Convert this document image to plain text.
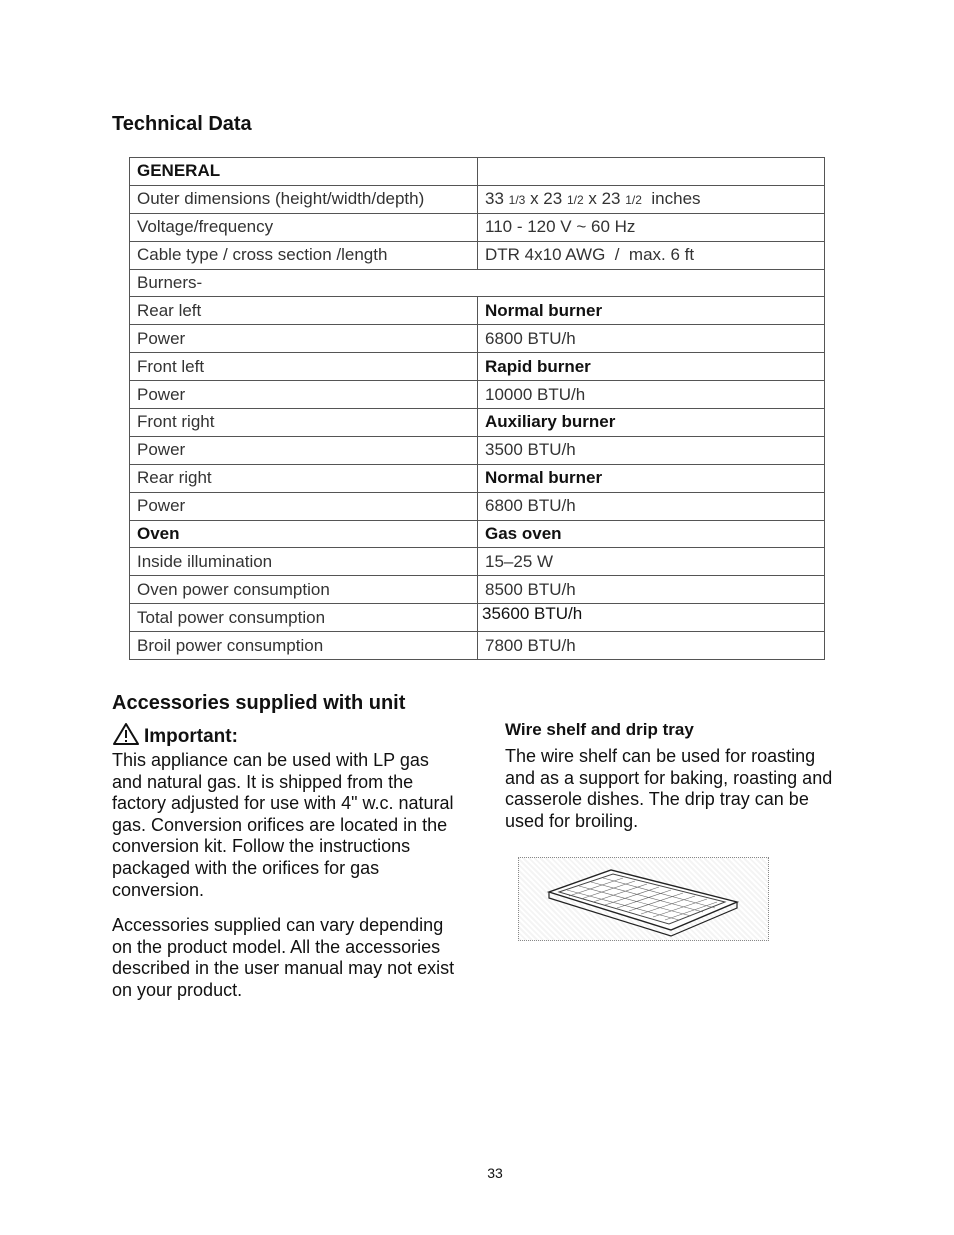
Technical Data
GENERAL	
Outer dimensions (height/width/depth)	33 1/3 x 23 1/2 x 23 1/2 inches
Voltage/frequency	110 - 120 V ~ 60 Hz
Cable type / cross section /length	DTR 4x10 AWG  /  max. 6 ft
Burners-	
Rear left	Normal burner
Power	6800 BTU/h
Front left	Rapid burner
Power	10000 BTU/h
Front right	Auxiliary burner
Power	3500 BTU/h
Rear right	Normal burner
Power	6800 BTU/h
Oven	Gas oven
Inside illumination	15–25 W
Oven power consumption	8500 BTU/h
Total power consumption	35600 BTU/h
Broil power consumption	7800 BTU/h
Accessories supplied with unit
Important:

This appliance can be used with LP gas and natural gas. It is shipped from the factory adjusted for use with 4" w.c. natural gas. Conversion orifices are located in the conversion kit. Follow the instructions packaged with the orifices for gas conversion.

Accessories supplied can vary depending on the product model. All the accessories described in the user manual may not exist on your product.

Wire shelf and drip tray

The wire shelf can be used for roasting and as a support for baking, roasting and casserole dishes. The drip tray can be used for broiling.

33
